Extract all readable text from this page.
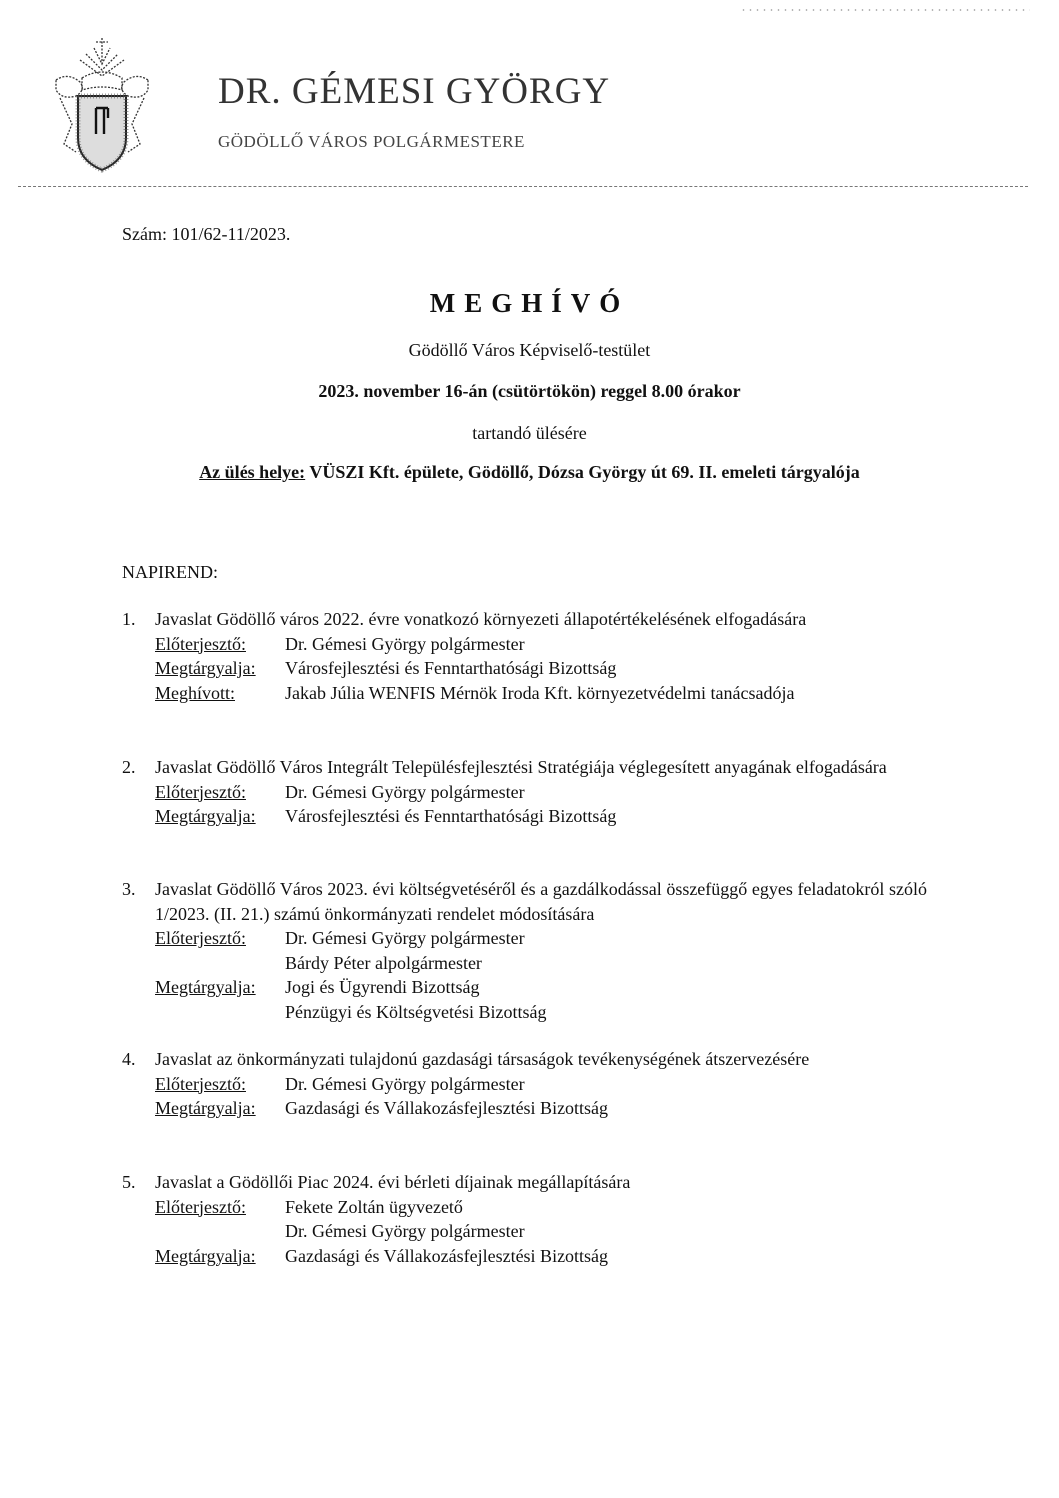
DR. GÉMESI GYÖRGY
GÖDÖLLŐ VÁROS POLGÁRMESTERE
Szám: 101/62-11/2023.
MEGHÍVÓ
Gödöllő Város Képviselő-testület
2023. november 16-án (csütörtökön) reggel 8.00 órakor
tartandó ülésére
Az ülés helye: VÜSZI Kft. épülete, Gödöllő, Dózsa György út 69. II. emeleti tárgyalója
NAPIREND:
1.	Javaslat Gödöllő város 2022. évre vonatkozó környezeti állapotértékelésének elfogadására
Előterjesztő:	Dr. Gémesi György polgármester
Megtárgyalja:	Városfejlesztési és Fenntarthatósági Bizottság
Meghívott:	Jakab Júlia WENFIS Mérnök Iroda Kft. környezetvédelmi tanácsadója
2.	Javaslat Gödöllő Város Integrált Településfejlesztési Stratégiája véglegesített anyagának elfogadására
Előterjesztő:	Dr. Gémesi György polgármester
Megtárgyalja:	Városfejlesztési és Fenntarthatósági Bizottság
3.	Javaslat Gödöllő Város 2023. évi költségvetéséről és a gazdálkodással összefüggő egyes feladatokról szóló 1/2023. (II. 21.) számú önkormányzati rendelet módosítására
Előterjesztő:	Dr. Gémesi György polgármester
Bárdy Péter alpolgármester
Megtárgyalja:	Jogi és Ügyrendi Bizottság
Pénzügyi és Költségvetési Bizottság
4.	Javaslat az önkormányzati tulajdonú gazdasági társaságok tevékenységének átszervezésére
Előterjesztő:	Dr. Gémesi György polgármester
Megtárgyalja:	Gazdasági és Vállakozásfejlesztési Bizottság
5.	Javaslat a Gödöllői Piac 2024. évi bérleti díjainak megállapítására
Előterjesztő:	Fekete Zoltán ügyvezető
Dr. Gémesi György polgármester
Megtárgyalja:	Gazdasági és Vállakozásfejlesztési Bizottság
